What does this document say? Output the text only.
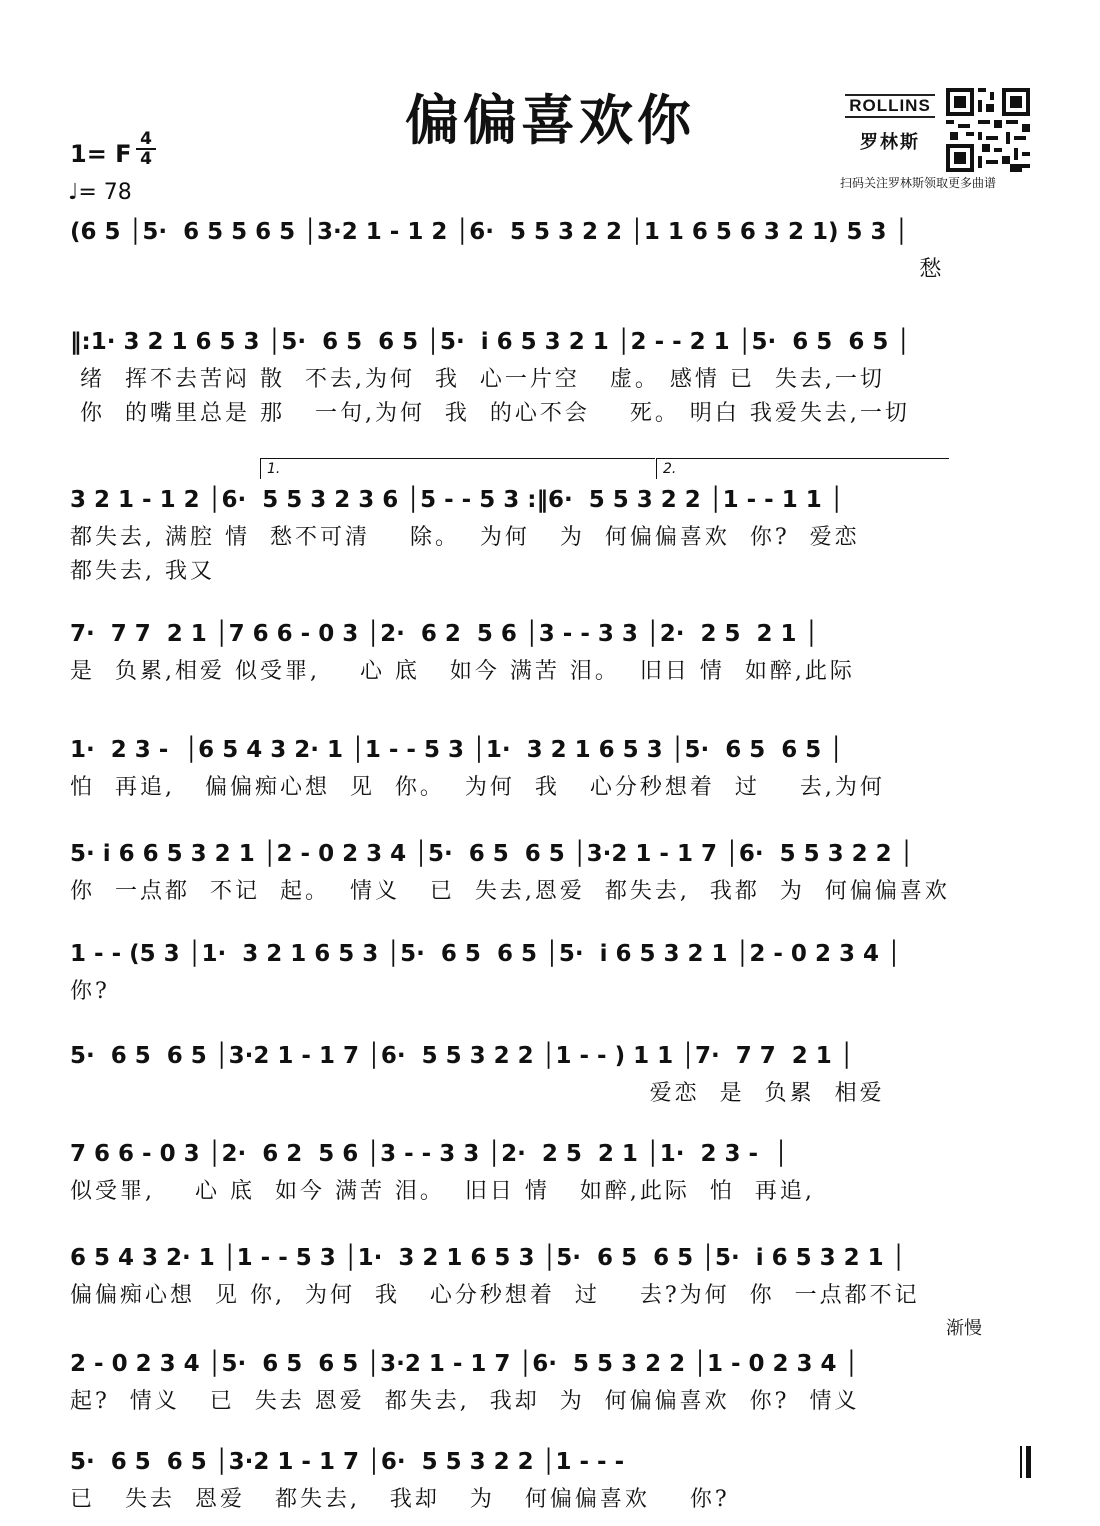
偏偏喜欢你
1= F
4
4
♩= 78
ROLLINS
罗林斯
扫码关注罗林斯领取更多曲谱
(6 5 │5·  6 5 5 6 5 │3·2 1 - 1 2 │6·  5 5 3 2 2 │1 1 6 5 6 3 2 1) 5 3 │
愁
‖:1· 3 2 1 6 5 3 │5·  6 5  6 5 │5·  i 6 5 3 2 1 │2 - - 2 1 │5·  6 5  6 5 │
绪  挥不去苦闷 散  不去,为何  我  心一片空   虚。 感情 已  失去,一切
你  的嘴里总是 那   一句,为何  我  的心不会    死。 明白 我爱失去,一切
1.	2.
3 2 1 - 1 2 │6·  5 5 3 2 3 6 │5 - - 5 3 :‖6·  5 5 3 2 2 │1 - - 1 1 │
都失去, 满腔 情  愁不可清    除。  为何   为  何偏偏喜欢  你?  爱恋
都失去, 我又
7·  7 7  2 1 │7 6 6 - 0 3 │2·  6 2  5 6 │3 - - 3 3 │2·  2 5  2 1 │
是  负累,相爱 似受罪,    心 底   如今 满苦 泪。  旧日 情  如醉,此际
1·  2 3 -  │6 5 4 3 2· 1 │1 - - 5 3 │1·  3 2 1 6 5 3 │5·  6 5  6 5 │
怕  再追,   偏偏痴心想  见  你。  为何  我   心分秒想着  过    去,为何
5· i 6 6 5 3 2 1 │2 - 0 2 3 4 │5·  6 5  6 5 │3·2 1 - 1 7 │6·  5 5 3 2 2 │
你  一点都  不记  起。  情义   已  失去,恩爱  都失去,  我都  为  何偏偏喜欢
1 - - (5 3 │1·  3 2 1 6 5 3 │5·  6 5  6 5 │5·  i 6 5 3 2 1 │2 - 0 2 3 4 │
你?
5·  6 5  6 5 │3·2 1 - 1 7 │6·  5 5 3 2 2 │1 - - ) 1 1 │7·  7 7  2 1 │
爱恋  是  负累  相爱
7 6 6 - 0 3 │2·  6 2  5 6 │3 - - 3 3 │2·  2 5  2 1 │1·  2 3 -  │
似受罪,    心 底  如今 满苦 泪。  旧日 情   如醉,此际  怕  再追,
6 5 4 3 2· 1 │1 - - 5 3 │1·  3 2 1 6 5 3 │5·  6 5  6 5 │5·  i 6 5 3 2 1 │
偏偏痴心想  见 你,  为何  我   心分秒想着  过    去?为何  你  一点都不记
渐慢
2 - 0 2 3 4 │5·  6 5  6 5 │3·2 1 - 1 7 │6·  5 5 3 2 2 │1 - 0 2 3 4 │
起?  情义   已  失去 恩爱  都失去,  我却  为  何偏偏喜欢  你?  情义
5·  6 5  6 5 │3·2 1 - 1 7 │6·  5 5 3 2 2 │1 - - -
已   失去  恩爱   都失去,   我却   为   何偏偏喜欢    你?
